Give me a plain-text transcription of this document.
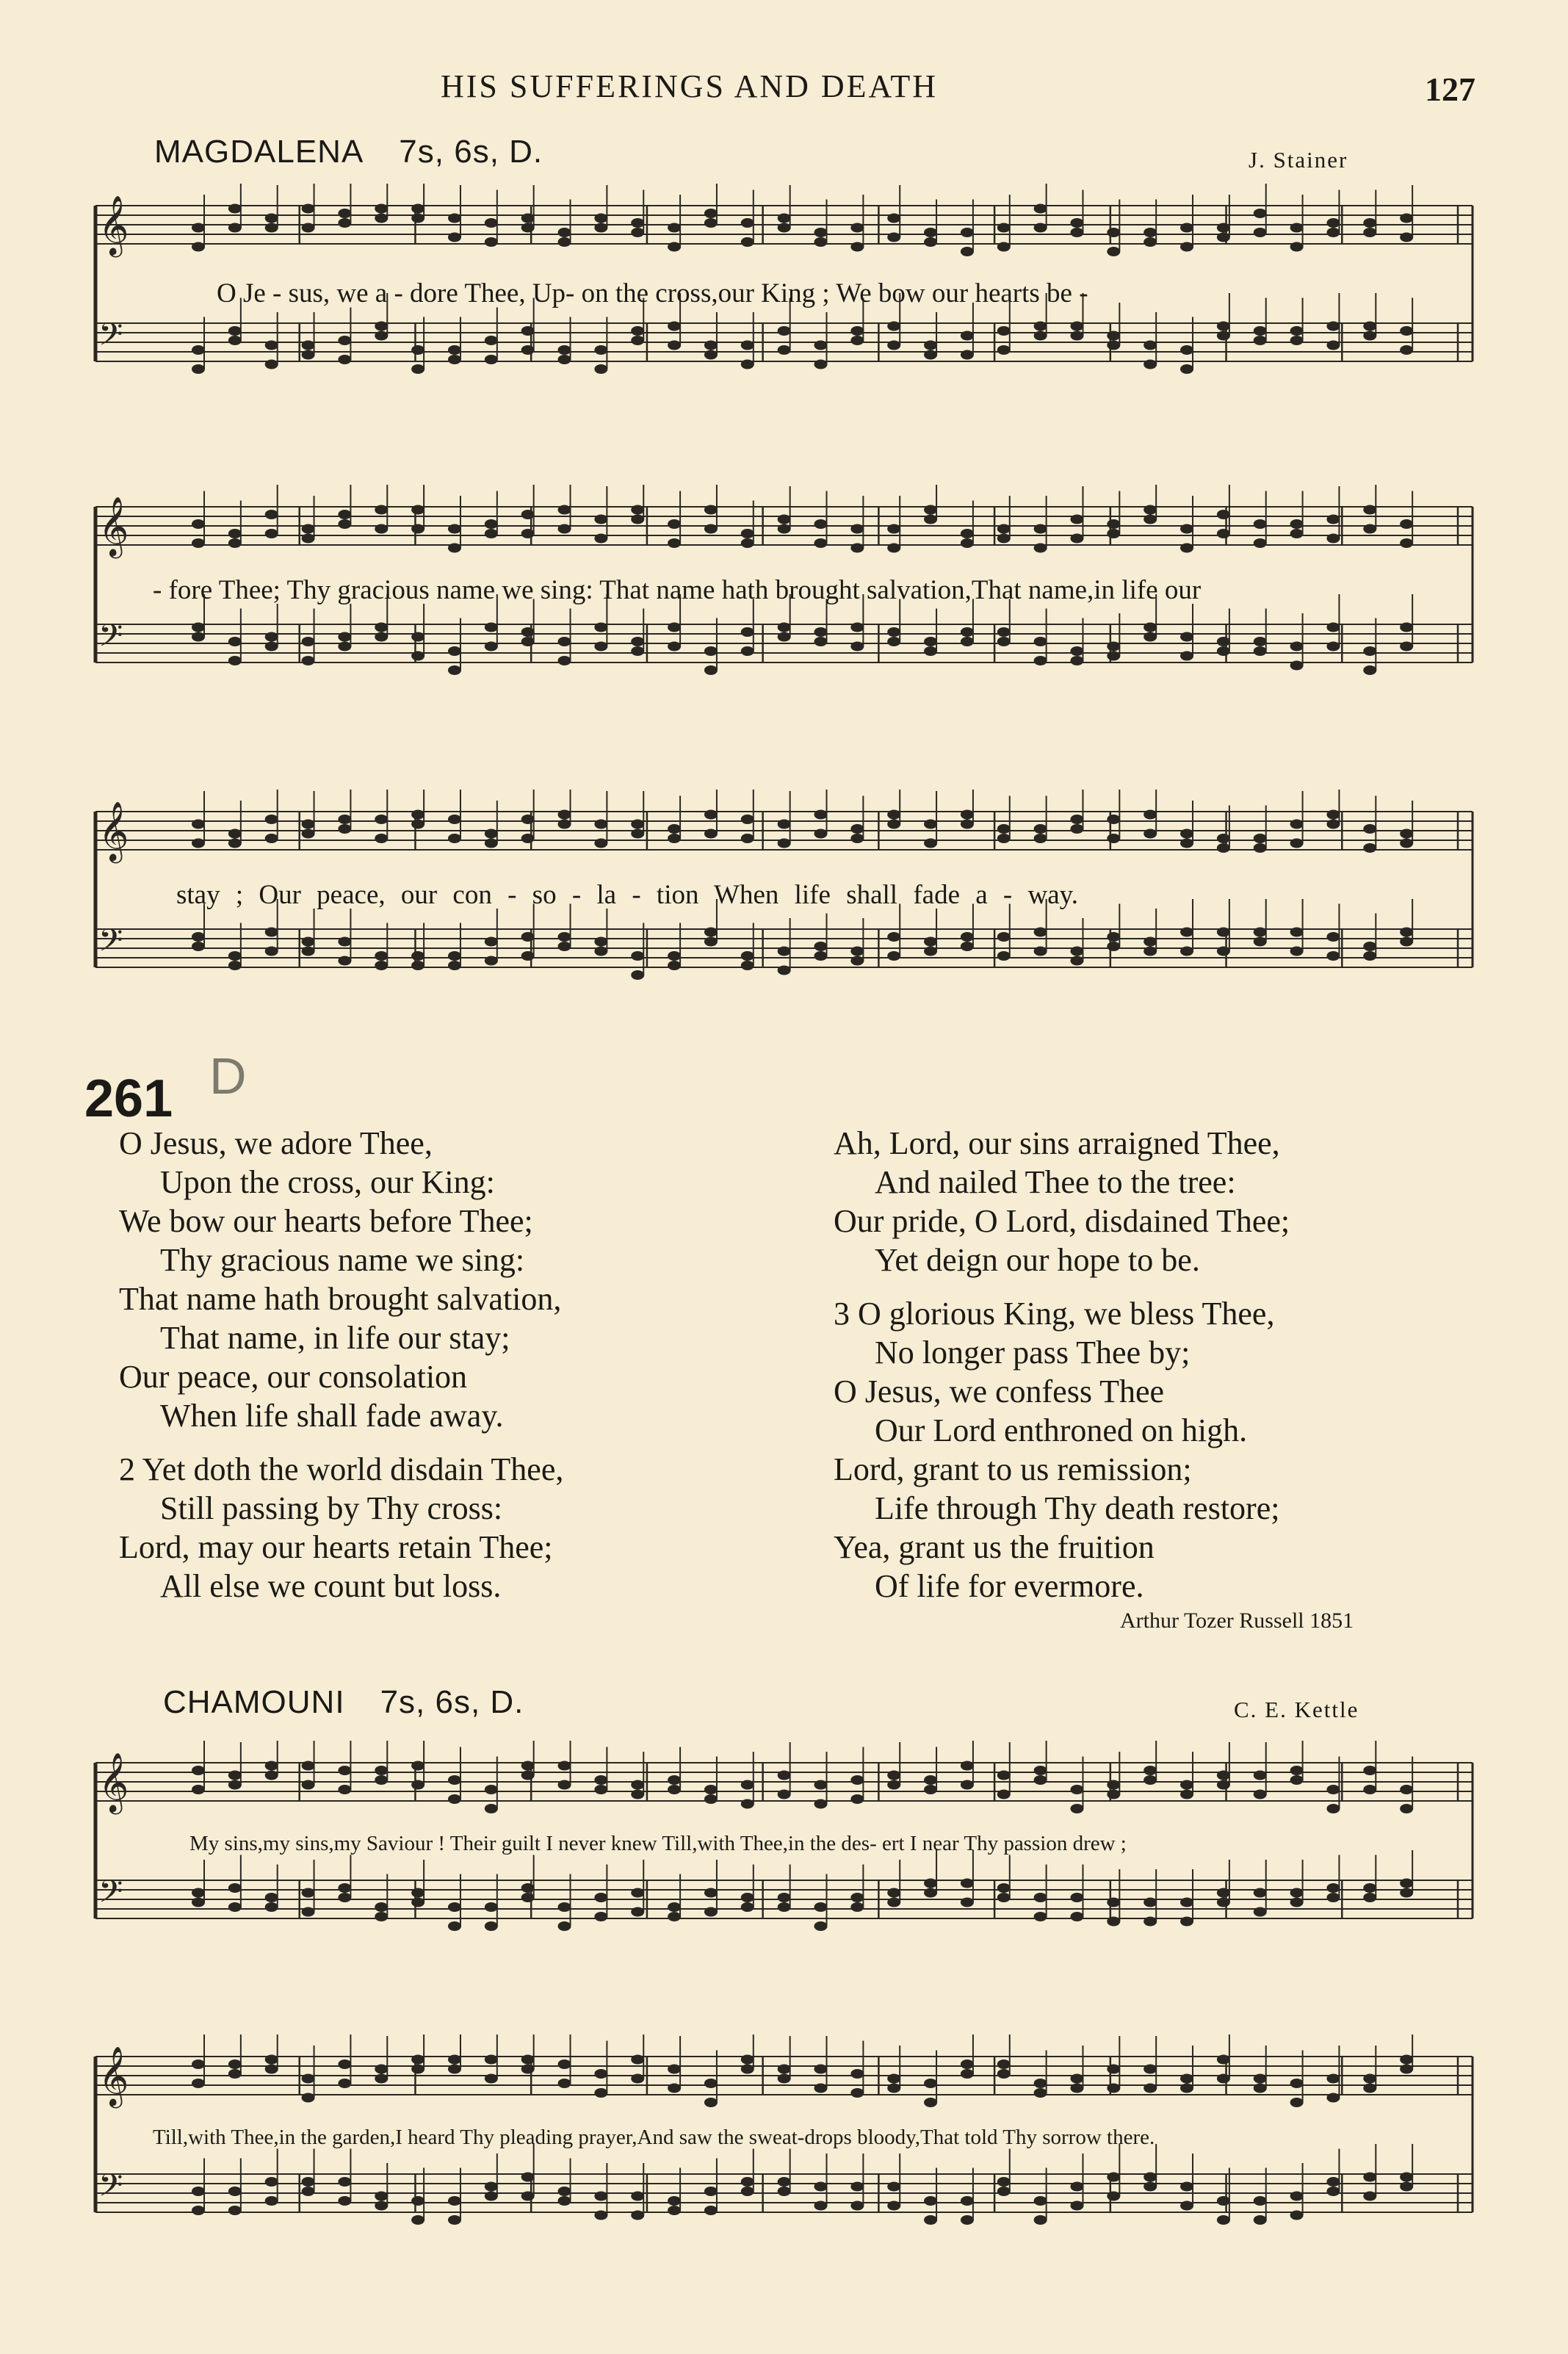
HIS SUFFERINGS AND DEATH	127
MAGDALENA 7s, 6s, D.	J. Stainer
𝄞
𝄢
O Je - sus, we a - dore Thee, Up- on the cross,our King ; We bow our hearts be -
𝄞
𝄢
- fore Thee; Thy gracious name we sing: That name hath brought salvation,That name,in life our
𝄞
𝄢
stay ; Our peace, our con - so - la - tion When life shall fade a - way.
261 D
O Jesus, we adore Thee,
Upon the cross, our King:
We bow our hearts before Thee;
Thy gracious name we sing:
That name hath brought salvation,
That name, in life our stay;
Our peace, our consolation
When life shall fade away.
2 Yet doth the world disdain Thee,
Still passing by Thy cross:
Lord, may our hearts retain Thee;
All else we count but loss.
Ah, Lord, our sins arraigned Thee,
And nailed Thee to the tree:
Our pride, O Lord, disdained Thee;
Yet deign our hope to be.
3 O glorious King, we bless Thee,
No longer pass Thee by;
O Jesus, we confess Thee
Our Lord enthroned on high.
Lord, grant to us remission;
Life through Thy death restore;
Yea, grant us the fruition
Of life for evermore.
Arthur Tozer Russell 1851
CHAMOUNI 7s, 6s, D.	C. E. Kettle
𝄞
𝄢
My sins,my sins,my Saviour ! Their guilt I never knew Till,with Thee,in the des- ert I near Thy passion drew ;
𝄞
𝄢
Till,with Thee,in the garden,I heard Thy pleading prayer,And saw the sweat-drops bloody,That told Thy sorrow there.
